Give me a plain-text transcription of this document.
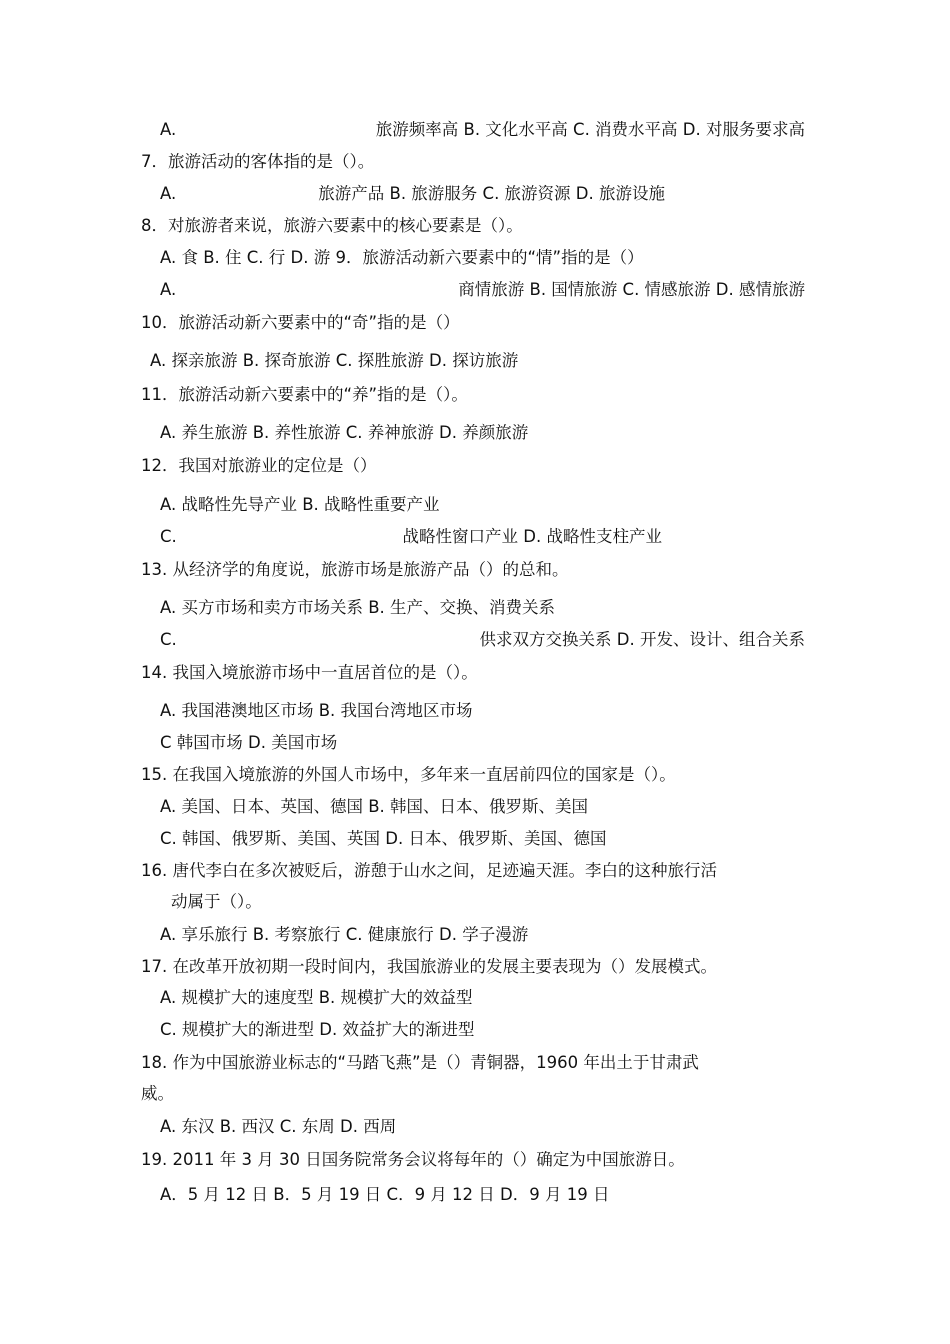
A.	旅游频率高 B. 文化水平高 C. 消费水平高 D. 对服务要求高
7．旅游活动的客体指的是（）。
A.	旅游产品 B. 旅游服务 C. 旅游资源 D. 旅游设施
8．对旅游者来说，旅游六要素中的核心要素是（）。
A. 食 B. 住 C. 行 D. 游 9．旅游活动新六要素中的“情”指的是（）
A.	商情旅游 B. 国情旅游 C. 情感旅游 D. 感情旅游
10．旅游活动新六要素中的“奇”指的是（）
A. 探亲旅游 B. 探奇旅游 C. 探胜旅游 D. 探访旅游
11．旅游活动新六要素中的“养”指的是（）。
A. 养生旅游 B. 养性旅游 C. 养神旅游 D. 养颜旅游
12．我国对旅游业的定位是（）
A. 战略性先导产业 B. 战略性重要产业
C.	战略性窗口产业 D. 战略性支柱产业
13. 从经济学的角度说，旅游市场是旅游产品（）的总和。
A. 买方市场和卖方市场关系 B. 生产、交换、消费关系
C.	供求双方交换关系 D. 开发、设计、组合关系
14. 我国入境旅游市场中一直居首位的是（）。
A. 我国港澳地区市场 B. 我国台湾地区市场
C 韩国市场 D. 美国市场
15. 在我国入境旅游的外国人市场中，多年来一直居前四位的国家是（）。
A. 美国、日本、英国、德国 B. 韩国、日本、俄罗斯、美国
C. 韩国、俄罗斯、美国、英国 D. 日本、俄罗斯、美国、德国
16. 唐代李白在多次被贬后，游憩于山水之间，足迹遍天涯。李白的这种旅行活
动属于（）。
A. 享乐旅行 B. 考察旅行 C. 健康旅行 D. 学子漫游
17. 在改革开放初期一段时间内，我国旅游业的发展主要表现为（）发展模式。
A. 规模扩大的速度型 B. 规模扩大的效益型
C. 规模扩大的渐进型 D. 效益扩大的渐进型
18. 作为中国旅游业标志的“马踏飞燕”是（）青铜器，1960 年出土于甘肃武
威。
A. 东汉 B. 西汉 C. 东周 D. 西周
19. 2011 年 3 月 30 日国务院常务会议将每年的（）确定为中国旅游日。
A．5 月 12 日 B．5 月 19 日 C．9 月 12 日 D．9 月 19 日
